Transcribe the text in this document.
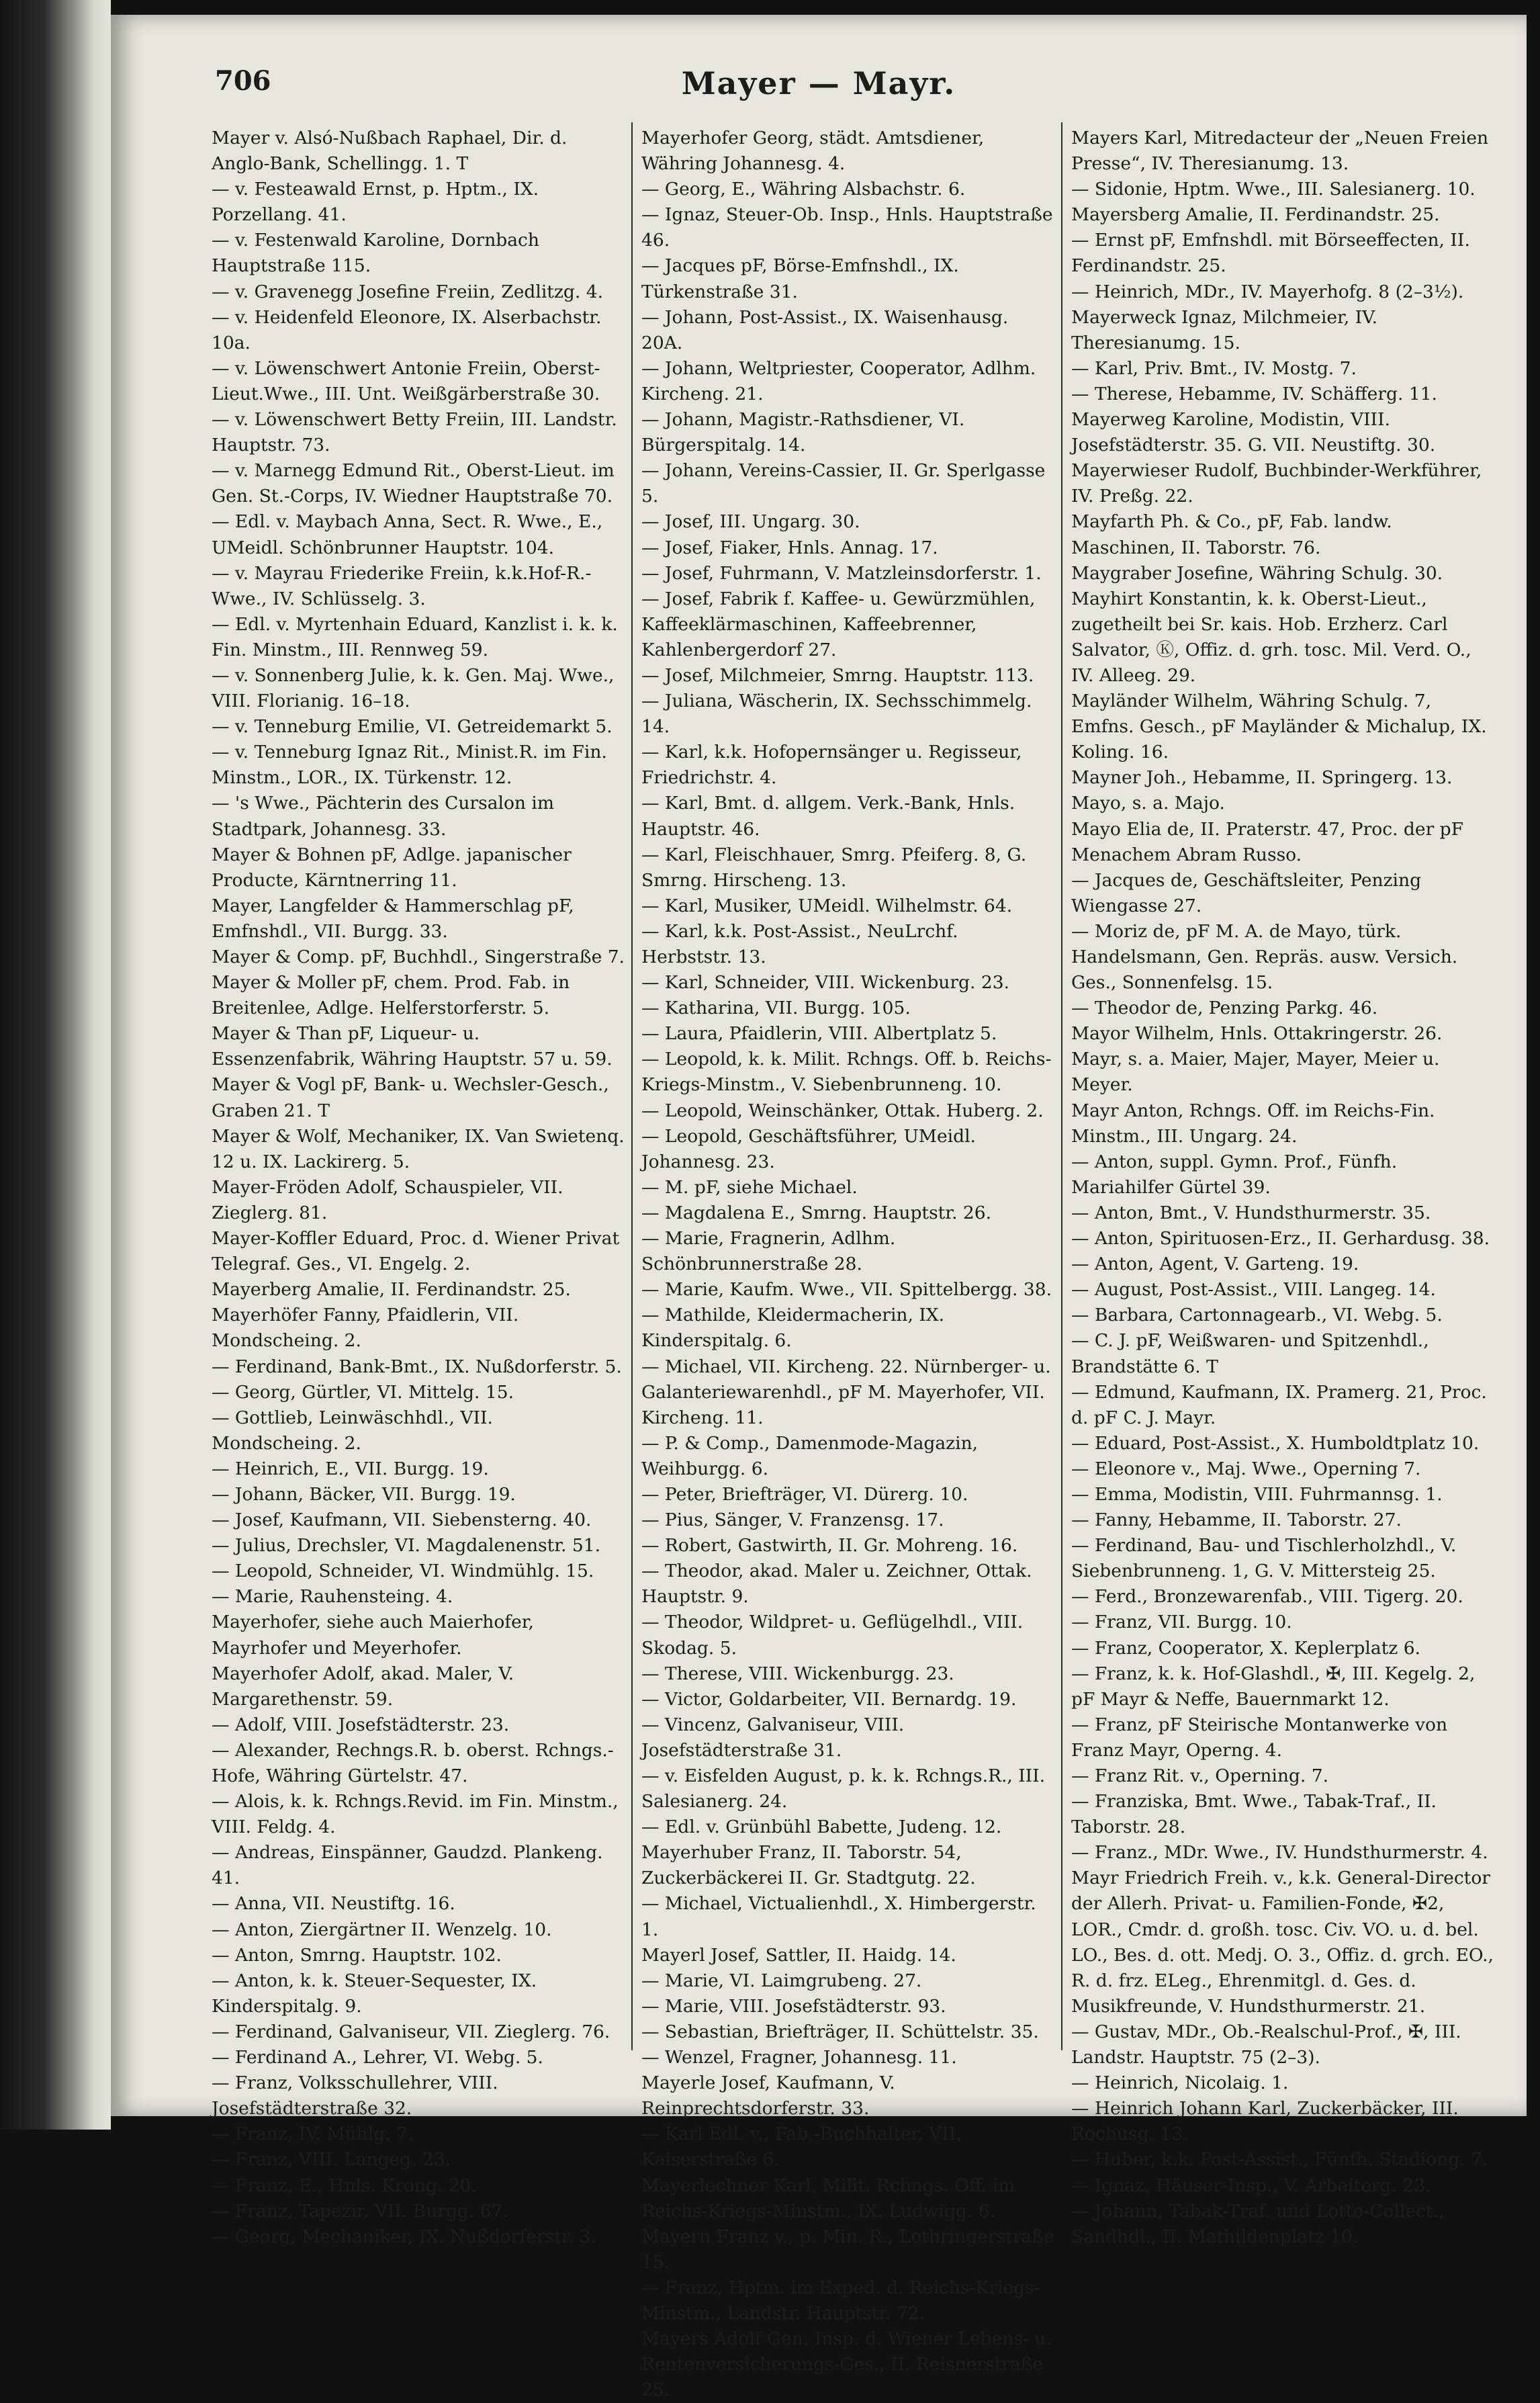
706	Mayer — Mayr.

Mayer v. Alsó-Nußbach Raphael, Dir. d. Anglo-Bank, Schellingg. 1. T

— v. Festeawald Ernst, p. Hptm., IX. Porzellang. 41.

— v. Festenwald Karoline, Dornbach Hauptstraße 115.

— v. Gravenegg Josefine Freiin, Zedlitzg. 4.

— v. Heidenfeld Eleonore, IX. Alserbachstr. 10a.

— v. Löwenschwert Antonie Freiin, Oberst-Lieut.Wwe., III. Unt. Weißgärberstraße 30.

— v. Löwenschwert Betty Freiin, III. Landstr. Hauptstr. 73.

— v. Marnegg Edmund Rit., Oberst-Lieut. im Gen. St.-Corps, IV. Wiedner Hauptstraße 70.

— Edl. v. Maybach Anna, Sect. R. Wwe., E., UMeidl. Schönbrunner Hauptstr. 104.

— v. Mayrau Friederike Freiin, k.k.Hof-R.-Wwe., IV. Schlüsselg. 3.

— Edl. v. Myrtenhain Eduard, Kanzlist i. k. k. Fin. Minstm., III. Rennweg 59.

— v. Sonnenberg Julie, k. k. Gen. Maj. Wwe., VIII. Florianig. 16–18.

— v. Tenneburg Emilie, VI. Getreidemarkt 5.

— v. Tenneburg Ignaz Rit., Minist.R. im Fin. Minstm., LOR., IX. Türkenstr. 12.

— 's Wwe., Pächterin des Cursalon im Stadtpark, Johannesg. 33.

Mayer & Bohnen pF, Adlge. japanischer Producte, Kärntnerring 11.

Mayer, Langfelder & Hammerschlag pF, Emfnshdl., VII. Burgg. 33.

Mayer & Comp. pF, Buchhdl., Singerstraße 7.

Mayer & Moller pF, chem. Prod. Fab. in Breitenlee, Adlge. Helferstorferstr. 5.

Mayer & Than pF, Liqueur- u. Essenzenfabrik, Währing Hauptstr. 57 u. 59.

Mayer & Vogl pF, Bank- u. Wechsler-Gesch., Graben 21. T

Mayer & Wolf, Mechaniker, IX. Van Swietenq. 12 u. IX. Lackirerg. 5.

Mayer-Fröden Adolf, Schauspieler, VII. Zieglerg. 81.

Mayer-Koffler Eduard, Proc. d. Wiener Privat Telegraf. Ges., VI. Engelg. 2.

Mayerberg Amalie, II. Ferdinandstr. 25.

Mayerhöfer Fanny, Pfaidlerin, VII. Mondscheing. 2.

— Ferdinand, Bank-Bmt., IX. Nußdorferstr. 5.

— Georg, Gürtler, VI. Mittelg. 15.

— Gottlieb, Leinwäschhdl., VII. Mondscheing. 2.

— Heinrich, E., VII. Burgg. 19.

— Johann, Bäcker, VII. Burgg. 19.

— Josef, Kaufmann, VII. Siebensterng. 40.

— Julius, Drechsler, VI. Magdalenenstr. 51.

— Leopold, Schneider, VI. Windmühlg. 15.

— Marie, Rauhensteing. 4.

Mayerhofer, siehe auch Maierhofer, Mayrhofer und Meyerhofer.

Mayerhofer Adolf, akad. Maler, V. Margarethenstr. 59.

— Adolf, VIII. Josefstädterstr. 23.

— Alexander, Rechngs.R. b. oberst. Rchngs.-Hofe, Währing Gürtelstr. 47.

— Alois, k. k. Rchngs.Revid. im Fin. Minstm., VIII. Feldg. 4.

— Andreas, Einspänner, Gaudzd. Plankeng. 41.

— Anna, VII. Neustiftg. 16.

— Anton, Ziergärtner II. Wenzelg. 10.

— Anton, Smrng. Hauptstr. 102.

— Anton, k. k. Steuer-Sequester, IX. Kinderspitalg. 9.

— Ferdinand, Galvaniseur, VII. Zieglerg. 76.

— Ferdinand A., Lehrer, VI. Webg. 5.

— Franz, Volksschullehrer, VIII. Josefstädterstraße 32.

— Franz, IV. Mühlg. 7.

— Franz, VIII. Langeg. 23.

— Franz, E., Hnls. Krong. 20.

— Franz, Tapezir, VII. Burgg. 67.

— Georg, Mechaniker, IX. Nußdorferstr. 3.

Mayerhofer Georg, städt. Amtsdiener, Währing Johannesg. 4.

— Georg, E., Währing Alsbachstr. 6.

— Ignaz, Steuer-Ob. Insp., Hnls. Hauptstraße 46.

— Jacques pF, Börse-Emfnshdl., IX. Türkenstraße 31.

— Johann, Post-Assist., IX. Waisenhausg. 20A.

— Johann, Weltpriester, Cooperator, Adlhm. Kircheng. 21.

— Johann, Magistr.-Rathsdiener, VI. Bürgerspitalg. 14.

— Johann, Vereins-Cassier, II. Gr. Sperlgasse 5.

— Josef, III. Ungarg. 30.

— Josef, Fiaker, Hnls. Annag. 17.

— Josef, Fuhrmann, V. Matzleinsdorferstr. 1.

— Josef, Fabrik f. Kaffee- u. Gewürzmühlen, Kaffeeklärmaschinen, Kaffeebrenner, Kahlenbergerdorf 27.

— Josef, Milchmeier, Smrng. Hauptstr. 113.

— Juliana, Wäscherin, IX. Sechsschimmelg. 14.

— Karl, k.k. Hofopernsänger u. Regisseur, Friedrichstr. 4.

— Karl, Bmt. d. allgem. Verk.-Bank, Hnls. Hauptstr. 46.

— Karl, Fleischhauer, Smrg. Pfeiferg. 8, G. Smrng. Hirscheng. 13.

— Karl, Musiker, UMeidl. Wilhelmstr. 64.

— Karl, k.k. Post-Assist., NeuLrchf. Herbststr. 13.

— Karl, Schneider, VIII. Wickenburg. 23.

— Katharina, VII. Burgg. 105.

— Laura, Pfaidlerin, VIII. Albertplatz 5.

— Leopold, k. k. Milit. Rchngs. Off. b. Reichs-Kriegs-Minstm., V. Siebenbrunneng. 10.

— Leopold, Weinschänker, Ottak. Huberg. 2.

— Leopold, Geschäftsführer, UMeidl. Johannesg. 23.

— M. pF, siehe Michael.

— Magdalena E., Smrng. Hauptstr. 26.

— Marie, Fragnerin, Adlhm. Schönbrunnerstraße 28.

— Marie, Kaufm. Wwe., VII. Spittelbergg. 38.

— Mathilde, Kleidermacherin, IX. Kinderspitalg. 6.

— Michael, VII. Kircheng. 22. Nürnberger- u. Galanteriewarenhdl., pF M. Mayerhofer, VII. Kircheng. 11.

— P. & Comp., Damenmode-Magazin, Weihburgg. 6.

— Peter, Briefträger, VI. Dürerg. 10.

— Pius, Sänger, V. Franzensg. 17.

— Robert, Gastwirth, II. Gr. Mohreng. 16.

— Theodor, akad. Maler u. Zeichner, Ottak. Hauptstr. 9.

— Theodor, Wildpret- u. Geflügelhdl., VIII. Skodag. 5.

— Therese, VIII. Wickenburgg. 23.

— Victor, Goldarbeiter, VII. Bernardg. 19.

— Vincenz, Galvaniseur, VIII. Josefstädterstraße 31.

— v. Eisfelden August, p. k. k. Rchngs.R., III. Salesianerg. 24.

— Edl. v. Grünbühl Babette, Judeng. 12.

Mayerhuber Franz, II. Taborstr. 54, Zuckerbäckerei II. Gr. Stadtgutg. 22.

— Michael, Victualienhdl., X. Himbergerstr. 1.

Mayerl Josef, Sattler, II. Haidg. 14.

— Marie, VI. Laimgrubeng. 27.

— Marie, VIII. Josefstädterstr. 93.

— Sebastian, Briefträger, II. Schüttelstr. 35.

— Wenzel, Fragner, Johannesg. 11.

Mayerle Josef, Kaufmann, V. Reinprechtsdorferstr. 33.

— Karl Edl. v., Fab.-Buchhalter, VII. Kaiserstraße 6.

Mayerlechner Karl, Milit. Rchngs. Off. im Reichs-Kriegs-Minstm., IX. Ludwigg. 6.

Mayern Franz v., p. Min. R., Lothringerstraße 15.

— Franz, Hptm. im Exped. d. Reichs-Kriegs-Minstm., Landstr. Hauptstr. 72.

Mayers Adolf Gen. Insp. d. Wiener Lebens- u. Rentenversicherungs-Ges., II. Reisnerstraße 25.

Mayers Karl, Mitredacteur der „Neuen Freien Presse“, IV. Theresianumg. 13.

— Sidonie, Hptm. Wwe., III. Salesianerg. 10.

Mayersberg Amalie, II. Ferdinandstr. 25.

— Ernst pF, Emfnshdl. mit Börseeffecten, II. Ferdinandstr. 25.

— Heinrich, MDr., IV. Mayerhofg. 8 (2–3½).

Mayerweck Ignaz, Milchmeier, IV. Theresianumg. 15.

— Karl, Priv. Bmt., IV. Mostg. 7.

— Therese, Hebamme, IV. Schäfferg. 11.

Mayerweg Karoline, Modistin, VIII. Josefstädterstr. 35. G. VII. Neustiftg. 30.

Mayerwieser Rudolf, Buchbinder-Werkführer, IV. Preßg. 22.

Mayfarth Ph. & Co., pF, Fab. landw. Maschinen, II. Taborstr. 76.

Maygraber Josefine, Währing Schulg. 30.

Mayhirt Konstantin, k. k. Oberst-Lieut., zugetheilt bei Sr. kais. Hob. Erzherz. Carl Salvator, Ⓚ, Offiz. d. grh. tosc. Mil. Verd. O., IV. Alleeg. 29.

Mayländer Wilhelm, Währing Schulg. 7, Emfns. Gesch., pF Mayländer & Michalup, IX. Koling. 16.

Mayner Joh., Hebamme, II. Springerg. 13.

Mayo, s. a. Majo.

Mayo Elia de, II. Praterstr. 47, Proc. der pF Menachem Abram Russo.

— Jacques de, Geschäftsleiter, Penzing Wiengasse 27.

— Moriz de, pF M. A. de Mayo, türk. Handelsmann, Gen. Repräs. ausw. Versich. Ges., Sonnenfelsg. 15.

— Theodor de, Penzing Parkg. 46.

Mayor Wilhelm, Hnls. Ottakringerstr. 26.

Mayr, s. a. Maier, Majer, Mayer, Meier u. Meyer.

Mayr Anton, Rchngs. Off. im Reichs-Fin. Minstm., III. Ungarg. 24.

— Anton, suppl. Gymn. Prof., Fünfh. Mariahilfer Gürtel 39.

— Anton, Bmt., V. Hundsthurmerstr. 35.

— Anton, Spirituosen-Erz., II. Gerhardusg. 38.

— Anton, Agent, V. Garteng. 19.

— August, Post-Assist., VIII. Langeg. 14.

— Barbara, Cartonnagearb., VI. Webg. 5.

— C. J. pF, Weißwaren- und Spitzenhdl., Brandstätte 6. T

— Edmund, Kaufmann, IX. Pramerg. 21, Proc. d. pF C. J. Mayr.

— Eduard, Post-Assist., X. Humboldtplatz 10.

— Eleonore v., Maj. Wwe., Operning 7.

— Emma, Modistin, VIII. Fuhrmannsg. 1.

— Fanny, Hebamme, II. Taborstr. 27.

— Ferdinand, Bau- und Tischlerholzhdl., V. Siebenbrunneng. 1, G. V. Mittersteig 25.

— Ferd., Bronzewarenfab., VIII. Tigerg. 20.

— Franz, VII. Burgg. 10.

— Franz, Cooperator, X. Keplerplatz 6.

— Franz, k. k. Hof-Glashdl., ✠, III. Kegelg. 2, pF Mayr & Neffe, Bauernmarkt 12.

— Franz, pF Steirische Montanwerke von Franz Mayr, Operng. 4.

— Franz Rit. v., Operning. 7.

— Franziska, Bmt. Wwe., Tabak-Traf., II. Taborstr. 28.

— Franz., MDr. Wwe., IV. Hundsthurmerstr. 4.

Mayr Friedrich Freih. v., k.k. General-Director der Allerh. Privat- u. Familien-Fonde, ✠2, LOR., Cmdr. d. großh. tosc. Civ. VO. u. d. bel. LO., Bes. d. ott. Medj. O. 3., Offiz. d. grch. EO., R. d. frz. ELeg., Ehrenmitgl. d. Ges. d. Musikfreunde, V. Hundsthurmerstr. 21.

— Gustav, MDr., Ob.-Realschul-Prof., ✠, III. Landstr. Hauptstr. 75 (2–3).

— Heinrich, Nicolaig. 1.

— Heinrich Johann Karl, Zuckerbäcker, III. Rochusg. 13.

— Huber, k.k. Post-Assist., Fünfh. Stadiong. 7.

— Ignaz, Häuser-Insp., V. Arbeiterg. 23.

— Johann, Tabak-Traf. und Lotto-Collect., Sandhdl., II. Mathildenplatz 10.
